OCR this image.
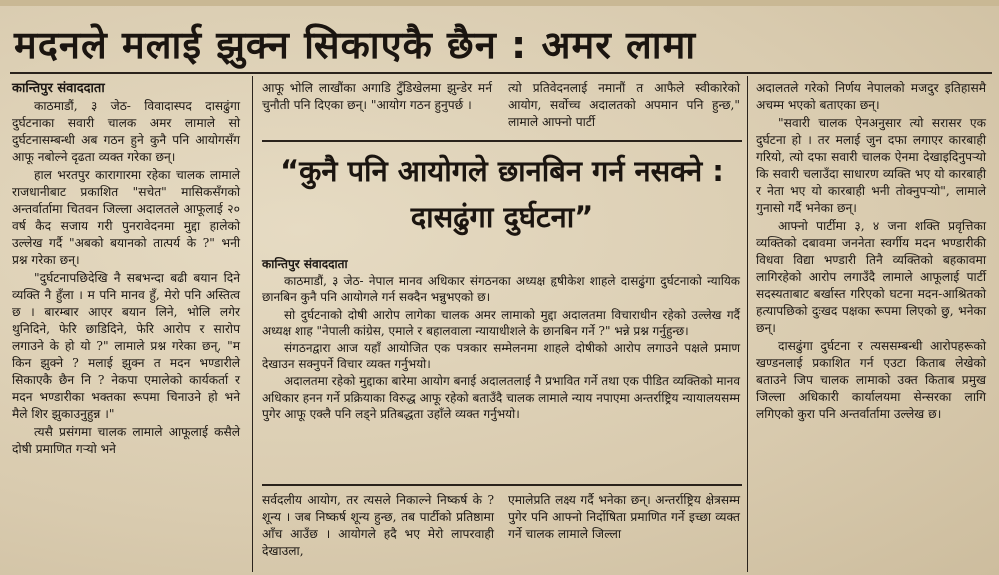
मदनले मलाई झुक्न सिकाएकै छैन : अमर लामा

कान्तिपुर संवाददाता

काठमाडौं, ३ जेठ- विवादास्पद दासढुंगा दुर्घटनाका सवारी चालक अमर लामाले सो दुर्घटनासम्बन्धी अब गठन हुने कुनै पनि आयोगसँग आफू नबोल्ने दृढता व्यक्त गरेका छन्।

हाल भरतपुर कारागारमा रहेका चालक लामाले राजधानीबाट प्रकाशित "सचेत" मासिकसँगको अन्तर्वार्तामा चितवन जिल्ला अदालतले आफूलाई २० वर्ष कैद सजाय गरी पुनरावेदनमा मुद्दा हालेको उल्लेख गर्दै "अबको बयानको तात्पर्य के ?" भनी प्रश्न गरेका छन्।

"दुर्घटनापछिदेखि नै सबभन्दा बढी बयान दिने व्यक्ति नै हुँला । म पनि मानव हुँ, मेरो पनि अस्तित्व छ । बारम्बार आएर बयान लिने, भोलि लगेर थुनिदिने, फेरि छाडिदिने, फेरि आरोप र सारोप लगाउने के हो यो ?" लामाले प्रश्न गरेका छन्, "म किन झुक्ने ? मलाई झुक्न त मदन भण्डारीले सिकाएकै छैन नि ? नेकपा एमालेको कार्यकर्ता र मदन भण्डारीका भक्तका रूपमा चिनाउने हो भने मैले शिर झुकाउनुहुन्न ।"

त्यसै प्रसंगमा चालक लामाले आफूलाई कसैले दोषी प्रमाणित गर्‍यो भने

आफू भोलि लाखौंका अगाडि टुँडिखेलमा झुन्डेर मर्न चुनौती पनि दिएका छन्। "आयोग गठन हुनुपर्छ ।

त्यो प्रतिवेदनलाई नमानौं त आफैले स्वीकारेको आयोग, सर्वोच्च अदालतको अपमान पनि हुन्छ," लामाले आफ्नो पार्टी

“कुनै पनि आयोगले छानबिन गर्न नसक्ने : दासढुंगा दुर्घटना”

कान्तिपुर संवाददाता

काठमाडौं, ३ जेठ- नेपाल मानव अधिकार संगठनका अध्यक्ष हृषीकेश शाहले दासढुंगा दुर्घटनाको न्यायिक छानबिन कुनै पनि आयोगले गर्न सक्दैन भन्नुभएको छ।

सो दुर्घटनाको दोषी आरोप लागेका चालक अमर लामाको मुद्दा अदालतमा विचाराधीन रहेको उल्लेख गर्दै अध्यक्ष शाह "नेपाली कांग्रेस, एमाले र बहालवाला न्यायाधीशले के छानबिन गर्ने ?" भन्ने प्रश्न गर्नुहुन्छ।

संगठनद्वारा आज यहाँ आयोजित एक पत्रकार सम्मेलनमा शाहले दोषीको आरोप लगाउने पक्षले प्रमाण देखाउन सक्नुपर्ने विचार व्यक्त गर्नुभयो।

अदालतमा रहेको मुद्दाका बारेमा आयोग बनाई अदालतलाई नै प्रभावित गर्ने तथा एक पीडित व्यक्तिको मानव अधिकार हनन गर्ने प्रक्रियाका विरुद्ध आफू रहेको बताउँदै चालक लामाले न्याय नपाएमा अन्तर्राष्ट्रिय न्यायालयसम्म पुगेर आफू एक्लै पनि लड्ने प्रतिबद्धता उहाँले व्यक्त गर्नुभयो।

सर्वदलीय आयोग, तर त्यसले निकाल्ने निष्कर्ष के ? शून्य । जब निष्कर्ष शून्य हुन्छ, तब पार्टीको प्रतिष्ठामा आँच आउँछ । आयोगले हदै भए मेरो लापरवाही देखाउला,

एमालेप्रति लक्ष्य गर्दै भनेका छन्। अन्तर्राष्ट्रिय क्षेत्रसम्म पुगेर पनि आफ्नो निर्दोषिता प्रमाणित गर्ने इच्छा व्यक्त गर्ने चालक लामाले जिल्ला

अदालतले गरेको निर्णय नेपालको मजदुर इतिहासमै अचम्म भएको बताएका छन्।

"सवारी चालक ऐनअनुसार त्यो सरासर एक दुर्घटना हो । तर मलाई जुन दफा लगाएर कारबाही गरियो, त्यो दफा सवारी चालक ऐनमा देखाइदिनुपर्‍यो कि सवारी चलाउँदा साधारण व्यक्ति भए यो कारबाही र नेता भए यो कारबाही भनी तोक्नुपर्‍यो", लामाले गुनासो गर्दै भनेका छन्।

आफ्नो पार्टीमा ३, ४ जना शक्ति प्रवृत्तिका व्यक्तिको दबावमा जननेता स्वर्गीय मदन भण्डारीकी विधवा विद्या भण्डारी तिनै व्यक्तिको बहकावमा लागिरहेको आरोप लगाउँदै लामाले आफूलाई पार्टी सदस्यताबाट बर्खास्त गरिएको घटना मदन-आश्रितको हत्यापछिको दुःखद पक्षका रूपमा लिएको छु, भनेका छन्।

दासढुंगा दुर्घटना र त्यससम्बन्धी आरोपहरूको खण्डनलाई प्रकाशित गर्न एउटा किताब लेखेको बताउने जिप चालक लामाको उक्त किताब प्रमुख जिल्ला अधिकारी कार्यालयमा सेन्सरका लागि लगिएको कुरा पनि अन्तर्वार्तामा उल्लेख छ।
